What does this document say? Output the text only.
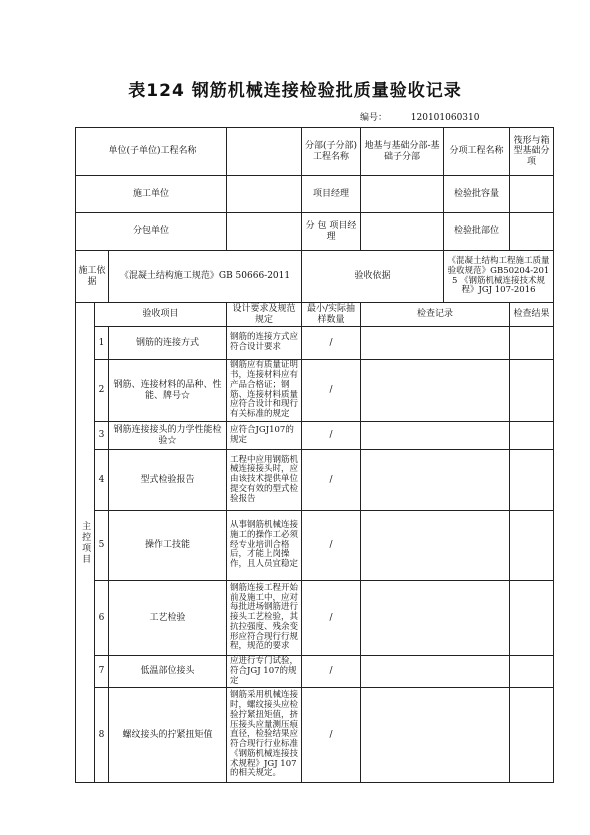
表124 钢筋机械连接检验批质量验收记录
编号：	120101060310
		单位(子单位)工程名称		分部(子分部)工程名称	地基与基础分部-基础子分部	分项工程名称	筏形与箱型基础分项
施工单位				项目经理		检验批容量	
分包单位				分 包 项目经理		检验批部位	
施工依据		《混凝土结构施工规范》GB 50666-2011		验收依据		《混凝土结构工程施工质量验收规范》GB50204-2015 《钢筋机械连接技术规程》JGJ 107-2016	
主控项目	验收项目		设计要求及规范规定	最小/实际抽样数量	检查记录		检查结果
	1	钢筋的连接方式	钢筋的连接方式应符合设计要求	/			
	2	钢筋、连接材料的品种、性能、牌号☆	钢筋应有质量证明书，连接材料应有产品合格证；钢筋、连接材料质量应符合设计和现行有关标准的规定	/			
	3	钢筋连接接头的力学性能检验☆	应符合JGJ107的规定	/			
	4	型式检验报告	工程中应用钢筋机械连接接头时，应由该技术提供单位提交有效的型式检验报告	/			
	5	操作工技能	从事钢筋机械连接施工的操作工必须经专业培训合格后，才能上岗操作，且人员宜稳定	/			
	6	工艺检验	钢筋连接工程开始前及施工中，应对每批进场钢筋进行接头工艺检验，其抗拉强度、残余变形应符合现行行规程，规范的要求	/			
	7	低温部位接头	应进行专门试验，符合JGJ 107的规定	/			
	8	螺纹接头的拧紧扭矩值	钢筋采用机械连接时，螺纹接头应检验拧紧扭矩值，挤压接头应量测压痕直径，检验结果应符合现行行业标准《钢筋机械连接技术规程》JGJ 107的相关规定。	/			
